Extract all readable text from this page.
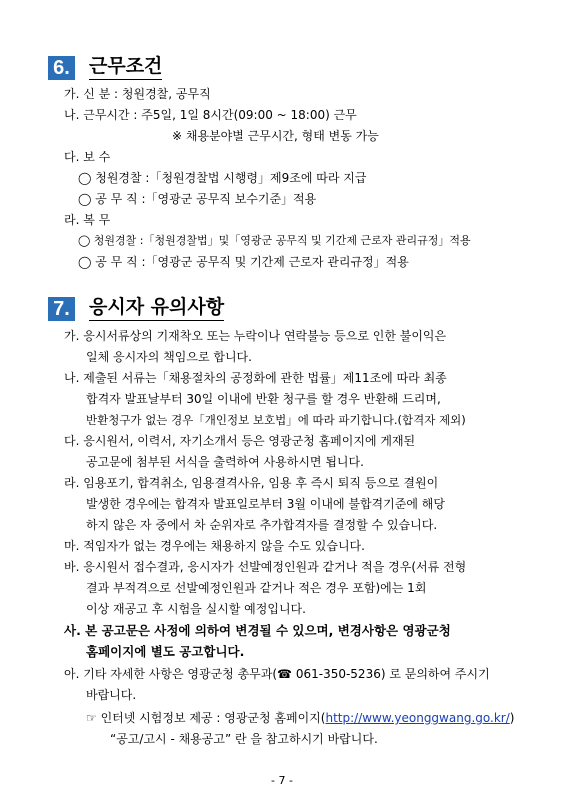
6. 근무조건
가. 신 분 : 청원경찰, 공무직
나. 근무시간 : 주5일, 1일 8시간(09:00 ~ 18:00) 근무
※ 채용분야별 근무시간, 형태 변동 가능
다. 보 수
◯ 청원경찰 :「청원경찰법 시행령」제9조에 따라 지급
◯ 공 무 직 :「영광군 공무직 보수기준」적용
라. 복 무
◯ 청원경찰 :「청원경찰법」및「영광군 공무직 및 기간제 근로자 관리규정」적용
◯ 공 무 직 :「영광군 공무직 및 기간제 근로자 관리규정」적용
7. 응시자 유의사항
가. 응시서류상의 기재착오 또는 누락이나 연락불능 등으로 인한 불이익은
일체 응시자의 책임으로 합니다.
나. 제출된 서류는「채용절차의 공정화에 관한 법률」제11조에 따라 최종
합격자 발표날부터 30일 이내에 반환 청구를 할 경우 반환해 드리며,
반환청구가 없는 경우「개인정보 보호법」에 따라 파기합니다.(합격자 제외)
다. 응시원서, 이력서, 자기소개서 등은 영광군청 홈페이지에 게재된
공고문에 첨부된 서식을 출력하여 사용하시면 됩니다.
라. 임용포기, 합격취소, 임용결격사유, 임용 후 즉시 퇴직 등으로 결원이
발생한 경우에는 합격자 발표일로부터 3월 이내에 불합격기준에 해당
하지 않은 자 중에서 차 순위자로 추가합격자를 결정할 수 있습니다.
마. 적임자가 없는 경우에는 채용하지 않을 수도 있습니다.
바. 응시원서 접수결과, 응시자가 선발예정인원과 같거나 적을 경우(서류 전형
결과 부적격으로 선발예정인원과 같거나 적은 경우 포함)에는 1회
이상 재공고 후 시험을 실시할 예정입니다.
사. 본 공고문은 사정에 의하여 변경될 수 있으며, 변경사항은 영광군청
홈페이지에 별도 공고합니다.
아. 기타 자세한 사항은 영광군청 총무과(☎ 061-350-5236) 로 문의하여 주시기
바랍니다.
☞ 인터넷 시험정보 제공 : 영광군청 홈페이지(http://www.yeonggwang.go.kr/)
“공고/고시 - 채용공고” 란 을 참고하시기 바랍니다.
- 7 -
